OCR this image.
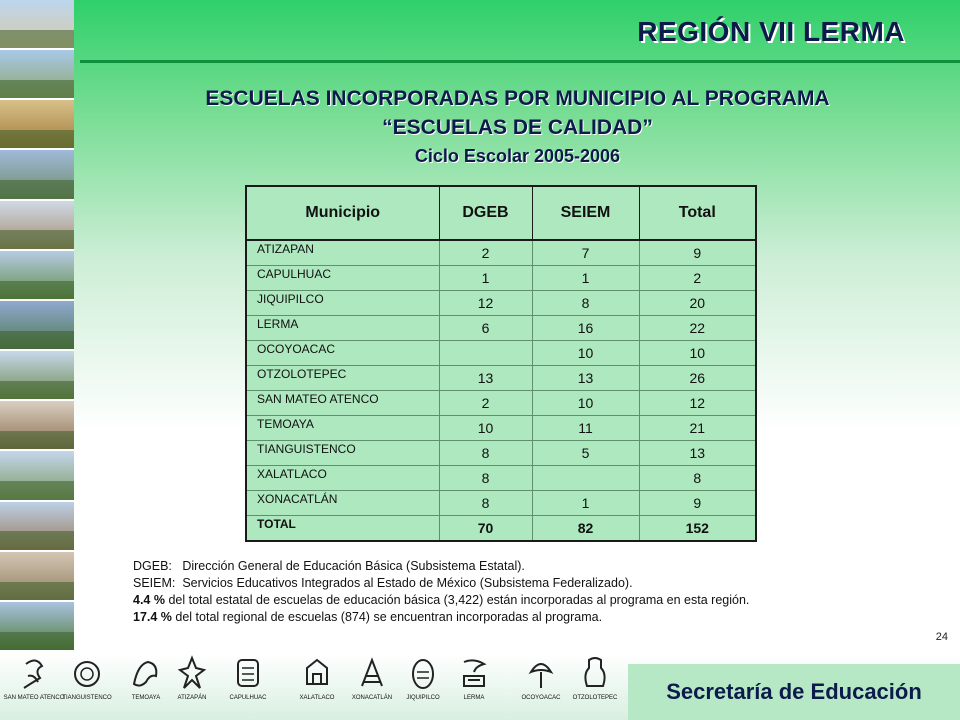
REGIÓN VII LERMA
ESCUELAS INCORPORADAS POR MUNICIPIO AL PROGRAMA
“ESCUELAS DE CALIDAD”
Ciclo Escolar 2005-2006
Municipio	DGEB	SEIEM	Total
ATIZAPAN	2	7	9
CAPULHUAC	1	1	2
JIQUIPILCO	12	8	20
LERMA	6	16	22
OCOYOACAC		10	10
OTZOLOTEPEC	13	13	26
SAN MATEO ATENCO	2	10	12
TEMOAYA	10	11	21
TIANGUISTENCO	8	5	13
XALATLACO	8		8
XONACATLÁN	8	1	9
TOTAL	70	82	152
DGEB: Dirección General de Educación Básica (Subsistema Estatal).
SEIEM: Servicios Educativos Integrados al Estado de México (Subsistema Federalizado).
4.4 % del total estatal de escuelas de educación básica (3,422) están incorporadas al programa en esta región.
17.4 % del total regional de escuelas (874) se encuentran incorporadas al programa.
24
SAN MATEO ATENCO
TIANGUISTENCO	TEMOAYA	ATIZAPÁN	CAPULHUAC	XALATLACO	XONACATLÁN JIQUIPILCO	LERMA	OCOYOACAC OTZOLOTEPEC	Secretaría de Educación
